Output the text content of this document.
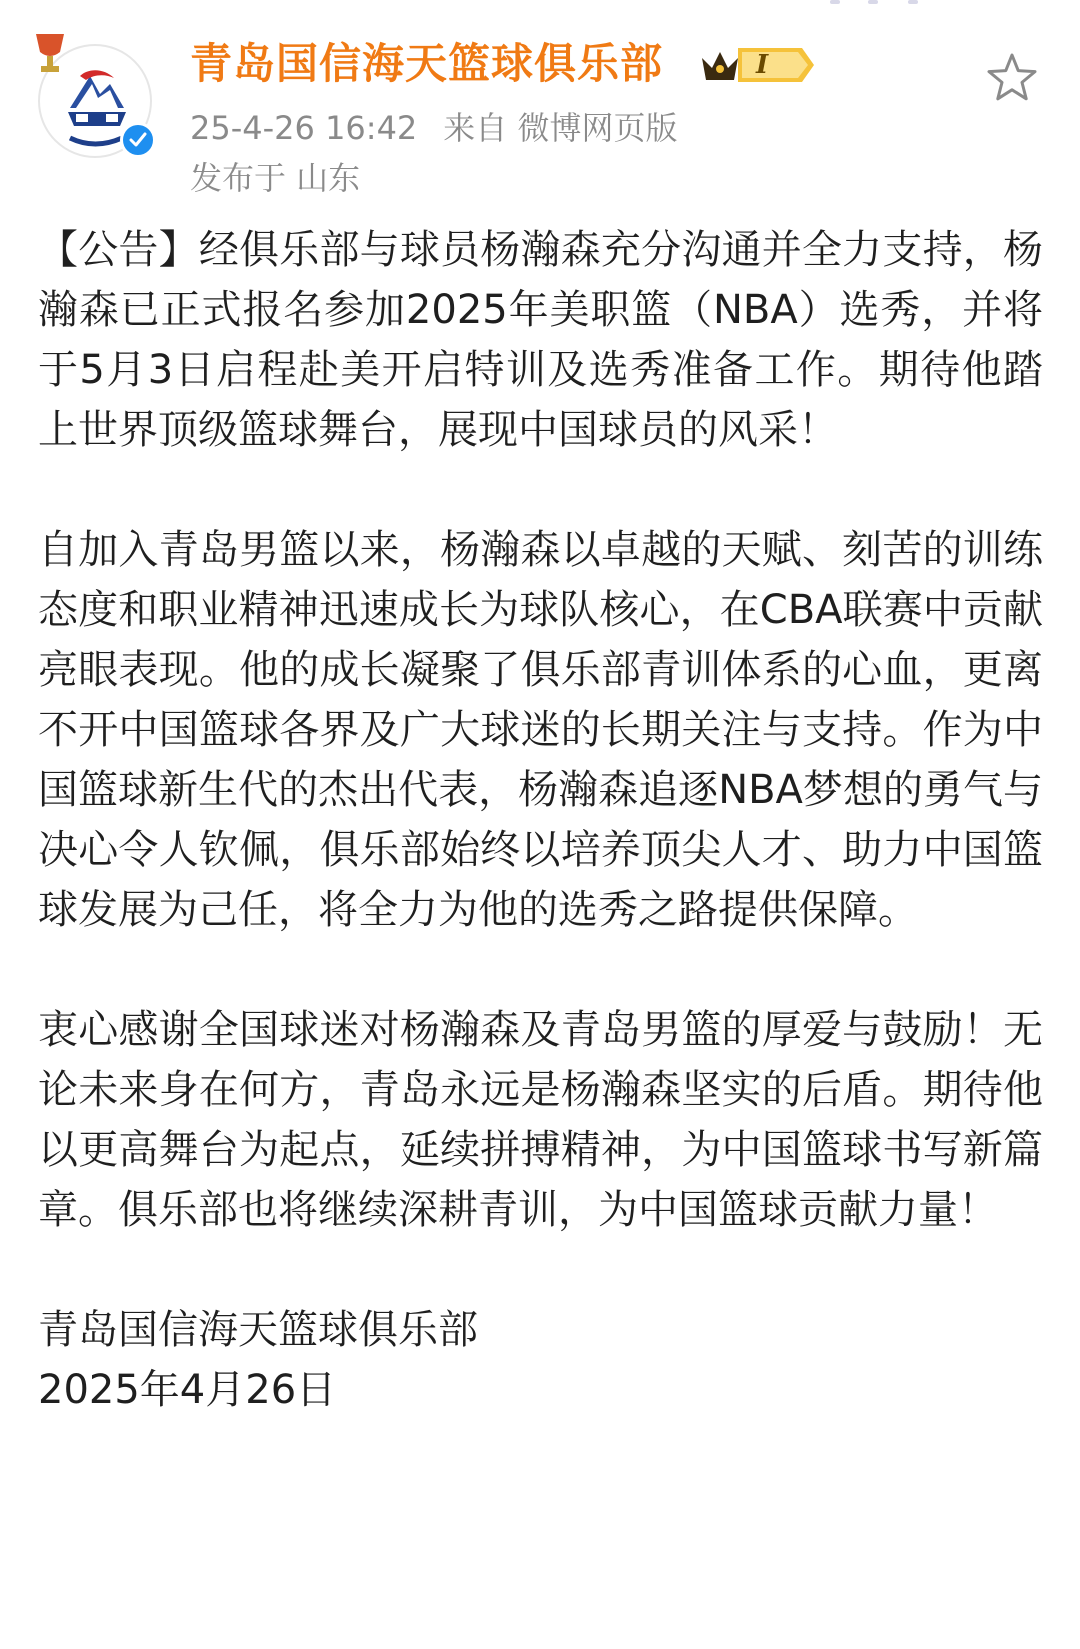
青岛国信海天篮球俱乐部	I
25-4-26 16:42 来自 微博网页版
发布于 山东

【公告】经俱乐部与球员杨瀚森充分沟通并全力支持，杨瀚森已正式报名参加2025年美职篮（NBA）选秀，并将于5月3日启程赴美开启特训及选秀准备工作。期待他踏上世界顶级篮球舞台，展现中国球员的风采！

自加入青岛男篮以来，杨瀚森以卓越的天赋、刻苦的训练态度和职业精神迅速成长为球队核心，在CBA联赛中贡献亮眼表现。他的成长凝聚了俱乐部青训体系的心血，更离不开中国篮球各界及广大球迷的长期关注与支持。作为中国篮球新生代的杰出代表，杨瀚森追逐NBA梦想的勇气与决心令人钦佩，俱乐部始终以培养顶尖人才、助力中国篮球发展为己任，将全力为他的选秀之路提供保障。

衷心感谢全国球迷对杨瀚森及青岛男篮的厚爱与鼓励！无论未来身在何方，青岛永远是杨瀚森坚实的后盾。期待他以更高舞台为起点，延续拼搏精神，为中国篮球书写新篇章。俱乐部也将继续深耕青训，为中国篮球贡献力量！

青岛国信海天篮球俱乐部
2025年4月26日
